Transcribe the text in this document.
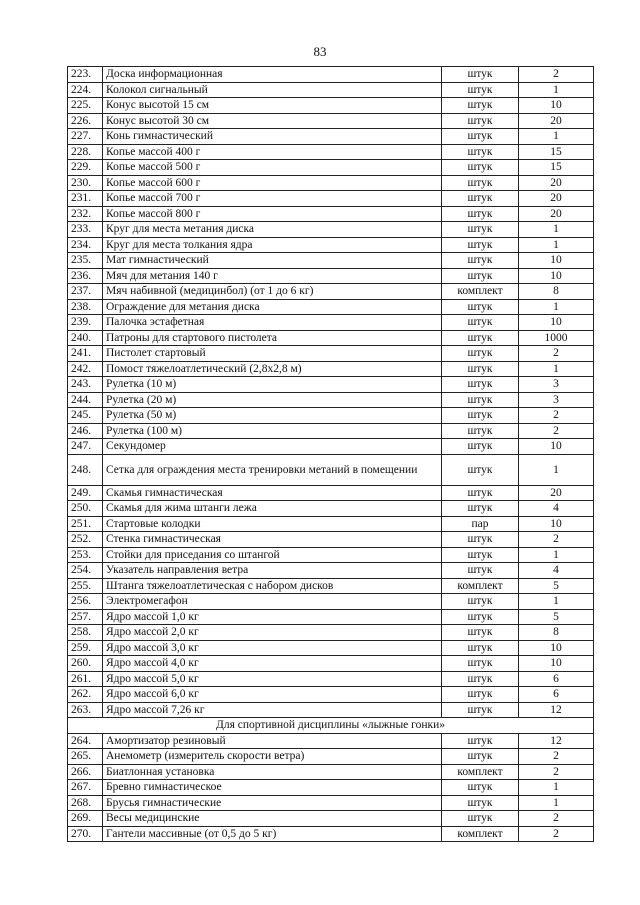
83
223.	Доска информационная	штук	2
224.	Колокол сигнальный	штук	1
225.	Конус высотой 15 см	штук	10
226.	Конус высотой 30 см	штук	20
227.	Конь гимнастический	штук	1
228.	Копье массой 400 г	штук	15
229.	Копье массой 500 г	штук	15
230.	Копье массой 600 г	штук	20
231.	Копье массой 700 г	штук	20
232.	Копье массой 800 г	штук	20
233.	Круг для места метания диска	штук	1
234.	Круг для места толкания ядра	штук	1
235.	Мат гимнастический	штук	10
236.	Мяч для метания 140 г	штук	10
237.	Мяч набивной (медицинбол) (от 1 до 6 кг)	комплект	8
238.	Ограждение для метания диска	штук	1
239.	Палочка эстафетная	штук	10
240.	Патроны для стартового пистолета	штук	1000
241.	Пистолет стартовый	штук	2
242.	Помост тяжелоатлетический (2,8x2,8 м)	штук	1
243.	Рулетка (10 м)	штук	3
244.	Рулетка (20 м)	штук	3
245.	Рулетка (50 м)	штук	2
246.	Рулетка (100 м)	штук	2
247.	Секундомер	штук	10
248.	Сетка для ограждения места тренировки метаний в помещении	штук	1
249.	Скамья гимнастическая	штук	20
250.	Скамья для жима штанги лежа	штук	4
251.	Стартовые колодки	пар	10
252.	Стенка гимнастическая	штук	2
253.	Стойки для приседания со штангой	штук	1
254.	Указатель направления ветра	штук	4
255.	Штанга тяжелоатлетическая с набором дисков	комплект	5
256.	Электромегафон	штук	1
257.	Ядро массой 1,0 кг	штук	5
258.	Ядро массой 2,0 кг	штук	8
259.	Ядро массой 3,0 кг	штук	10
260.	Ядро массой 4,0 кг	штук	10
261.	Ядро массой 5,0 кг	штук	6
262.	Ядро массой 6,0 кг	штук	6
263.	Ядро массой 7,26 кг	штук	12
Для спортивной дисциплины «лыжные гонки»			
264.	Амортизатор резиновый	штук	12
265.	Анемометр (измеритель скорости ветра)	штук	2
266.	Биатлонная установка	комплект	2
267.	Бревно гимнастическое	штук	1
268.	Брусья гимнастические	штук	1
269.	Весы медицинские	штук	2
270.	Гантели массивные (от 0,5 до 5 кг)	комплект	2
